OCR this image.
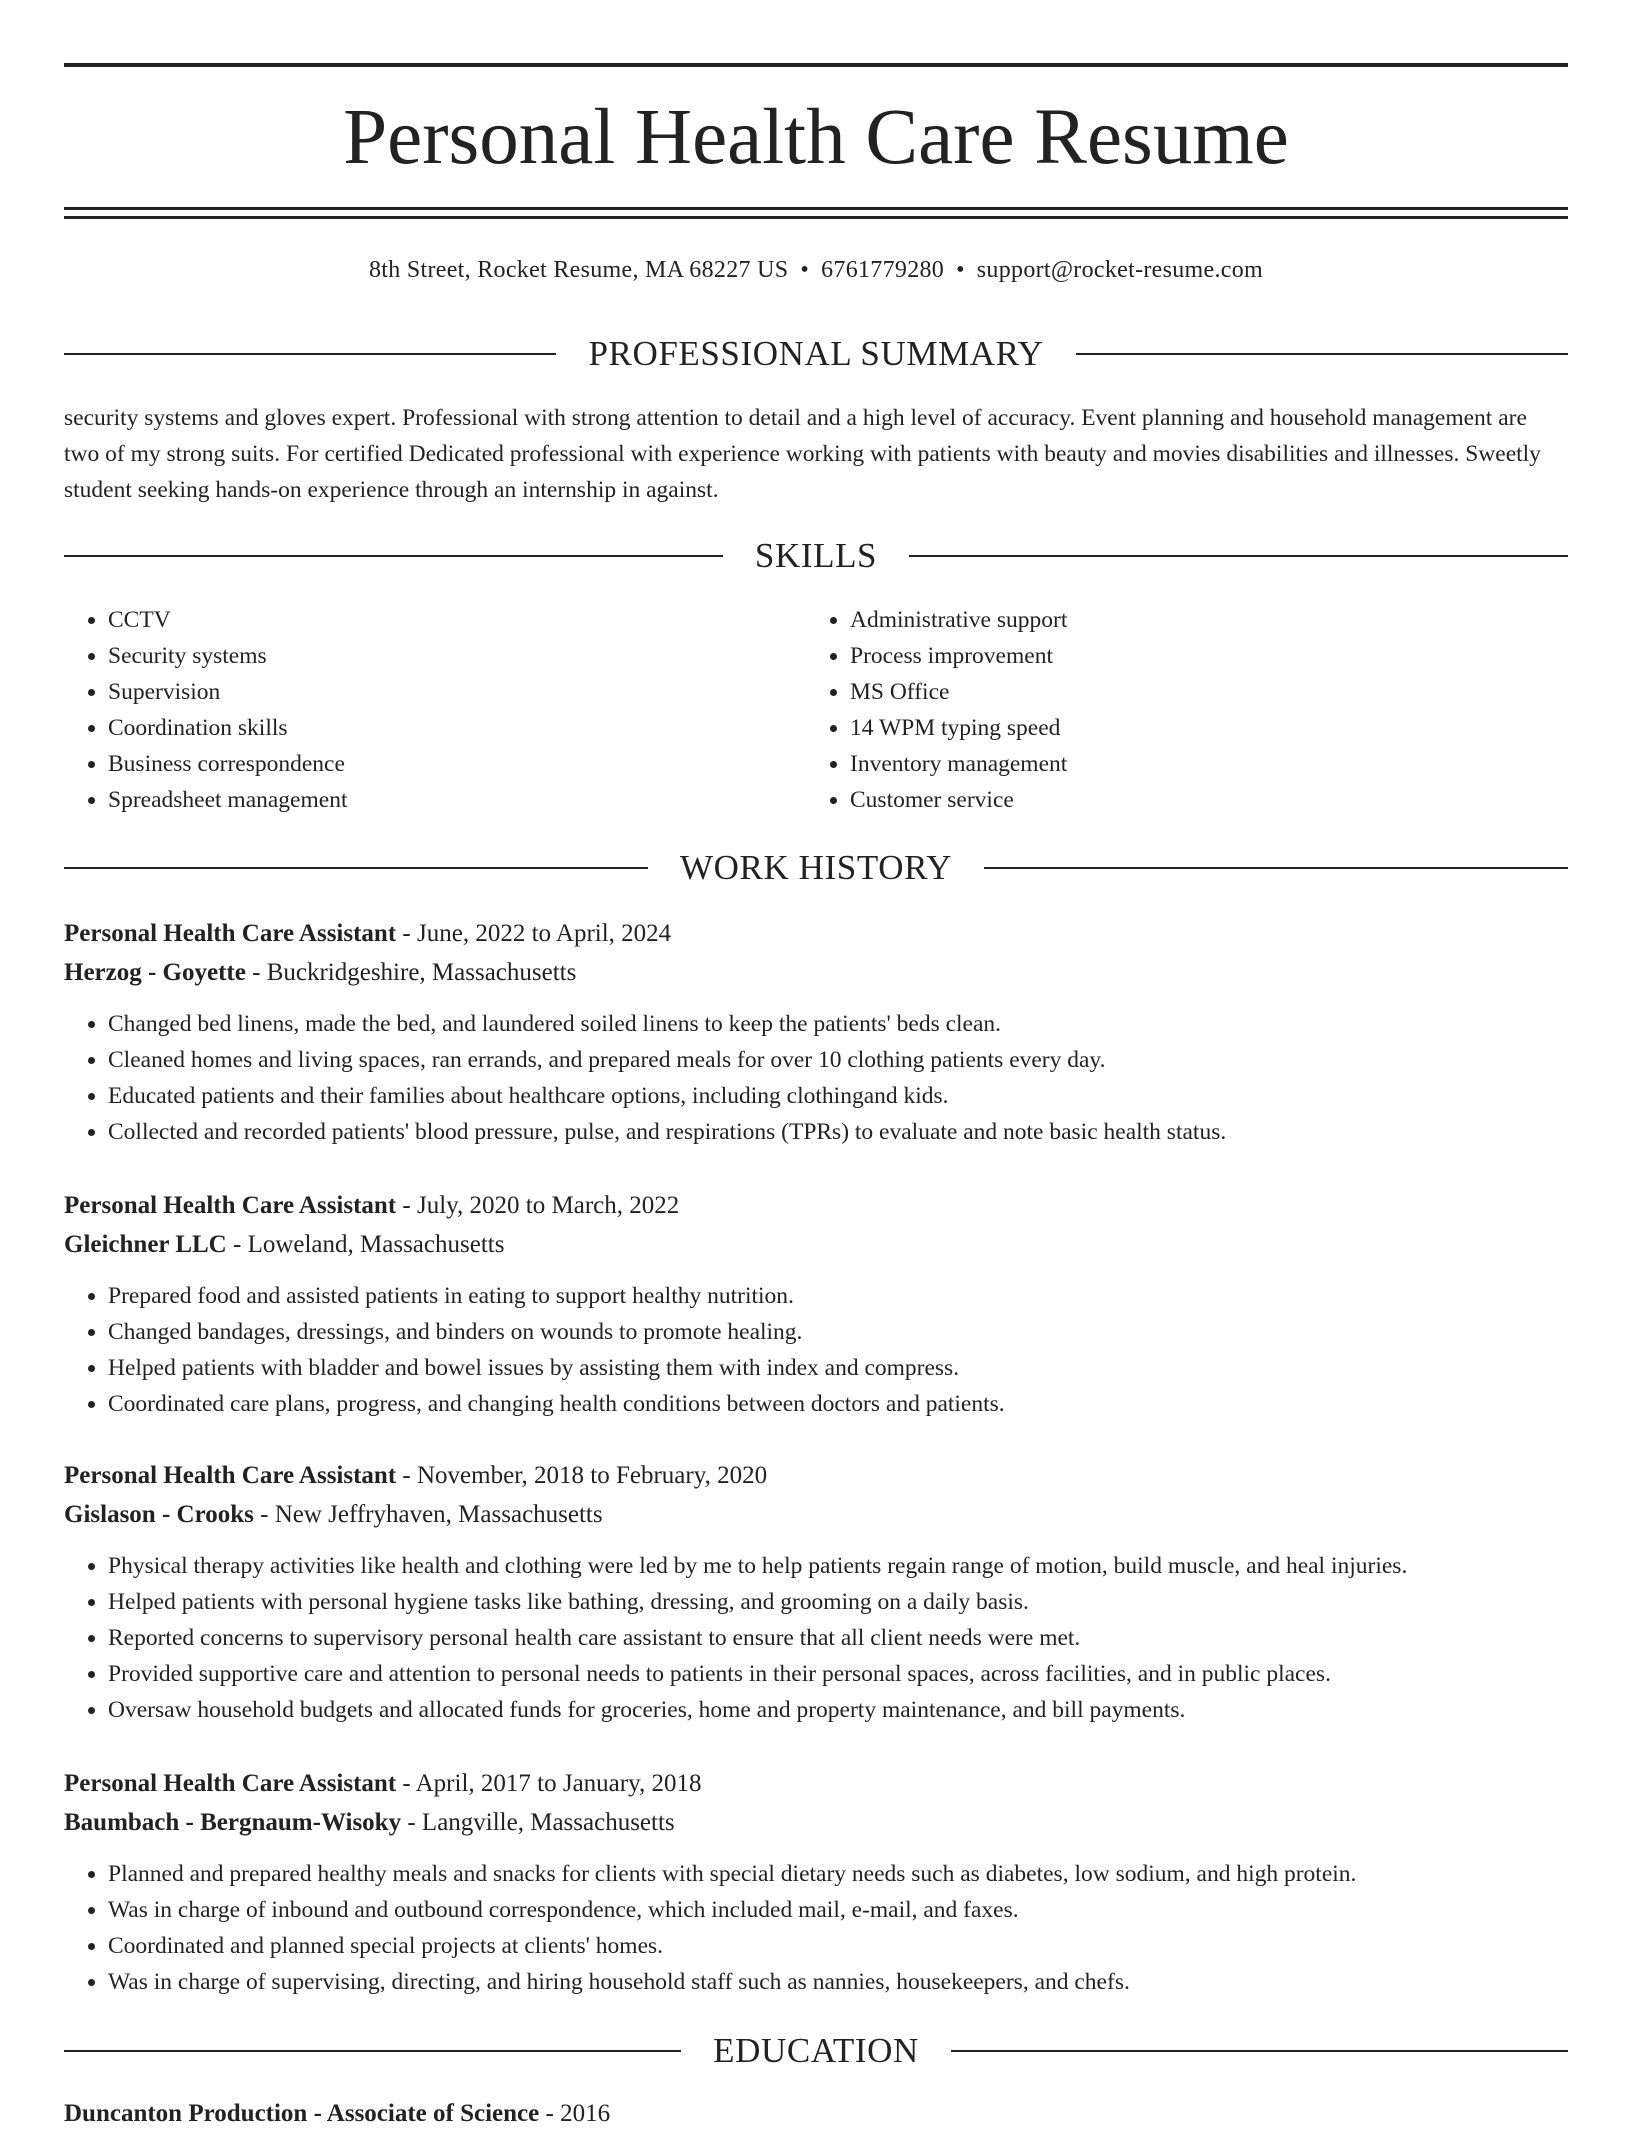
Personal Health Care Resume
8th Street, Rocket Resume, MA 68227 US • 6761779280 • support@rocket-resume.com
PROFESSIONAL SUMMARY

security systems and gloves expert. Professional with strong attention to detail and a high level of accuracy. Event planning and household management are two of my strong suits. For certified Dedicated professional with experience working with patients with beauty and movies disabilities and illnesses. Sweetly student seeking hands-on experience through an internship in against.

SKILLS
• CCTV
• Security systems
• Supervision
• Coordination skills
• Business correspondence
• Spreadsheet management
• Administrative support
• Process improvement
• MS Office
• 14 WPM typing speed
• Inventory management
• Customer service
WORK HISTORY
Personal Health Care Assistant - June, 2022 to April, 2024
Herzog - Goyette - Buckridgeshire, Massachusetts
• Changed bed linens, made the bed, and laundered soiled linens to keep the patients' beds clean.
• Cleaned homes and living spaces, ran errands, and prepared meals for over 10 clothing patients every day.
• Educated patients and their families about healthcare options, including clothingand kids.
• Collected and recorded patients' blood pressure, pulse, and respirations (TPRs) to evaluate and note basic health status.
Personal Health Care Assistant - July, 2020 to March, 2022
Gleichner LLC - Loweland, Massachusetts
• Prepared food and assisted patients in eating to support healthy nutrition.
• Changed bandages, dressings, and binders on wounds to promote healing.
• Helped patients with bladder and bowel issues by assisting them with index and compress.
• Coordinated care plans, progress, and changing health conditions between doctors and patients.
Personal Health Care Assistant - November, 2018 to February, 2020
Gislason - Crooks - New Jeffryhaven, Massachusetts
• Physical therapy activities like health and clothing were led by me to help patients regain range of motion, build muscle, and heal injuries.
• Helped patients with personal hygiene tasks like bathing, dressing, and grooming on a daily basis.
• Reported concerns to supervisory personal health care assistant to ensure that all client needs were met.
• Provided supportive care and attention to personal needs to patients in their personal spaces, across facilities, and in public places.
• Oversaw household budgets and allocated funds for groceries, home and property maintenance, and bill payments.
Personal Health Care Assistant - April, 2017 to January, 2018
Baumbach - Bergnaum-Wisoky - Langville, Massachusetts
• Planned and prepared healthy meals and snacks for clients with special dietary needs such as diabetes, low sodium, and high protein.
• Was in charge of inbound and outbound correspondence, which included mail, e-mail, and faxes.
• Coordinated and planned special projects at clients' homes.
• Was in charge of supervising, directing, and hiring household staff such as nannies, housekeepers, and chefs.
EDUCATION
Duncanton Production - Associate of Science - 2016
